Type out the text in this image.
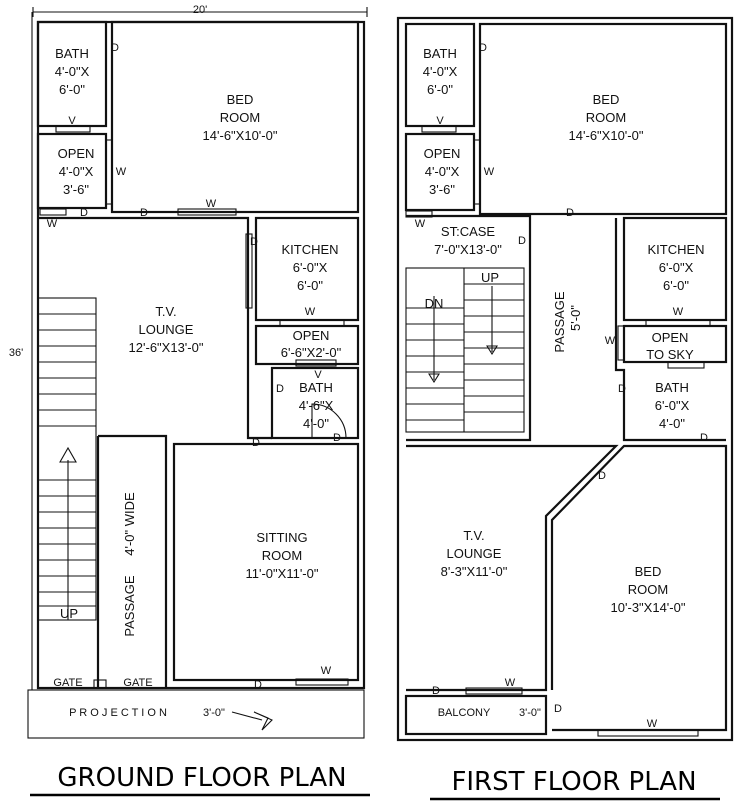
20'
36'
BATH
4'-0"X
6'-0"
BED
ROOM
14'-6"X10'-0"
OPEN
4'-0"X
3'-6"
KITCHEN
6'-0"X
6'-0"
T.V.
LOUNGE
12'-6"X13'-0"
OPEN
6'-6"X2'-0"
BATH
4'-6"X
4'-0"
SITTING
ROOM
11'-0"X11'-0"
PASSAGE
4'-0" WIDE
UP
GATE	GATE
P R O J E C T I O N	3'-0"
D
V
W
W
D	D
W
D
W
V
D
D
D
W
D
BATH
4'-0"X
6'-0"
BED
ROOM
14'-6"X10'-0"
OPEN
4'-0"X
3'-6"
ST:CASE
7'-0"X13'-0"	KITCHEN
6'-0"X
6'-0"
PASSAGE 5'-0"
OPEN
TO SKY
BATH
6'-0"X
4'-0"
DN
UP
T.V.
LOUNGE
8'-3"X11'-0"	BED
ROOM
10'-3"X14'-0"
BALCONY	3'-0"
D
V
W
W
D
D
W
W
D
D
D
D
W
D
W
GROUND FLOOR PLAN	FIRST FLOOR PLAN
